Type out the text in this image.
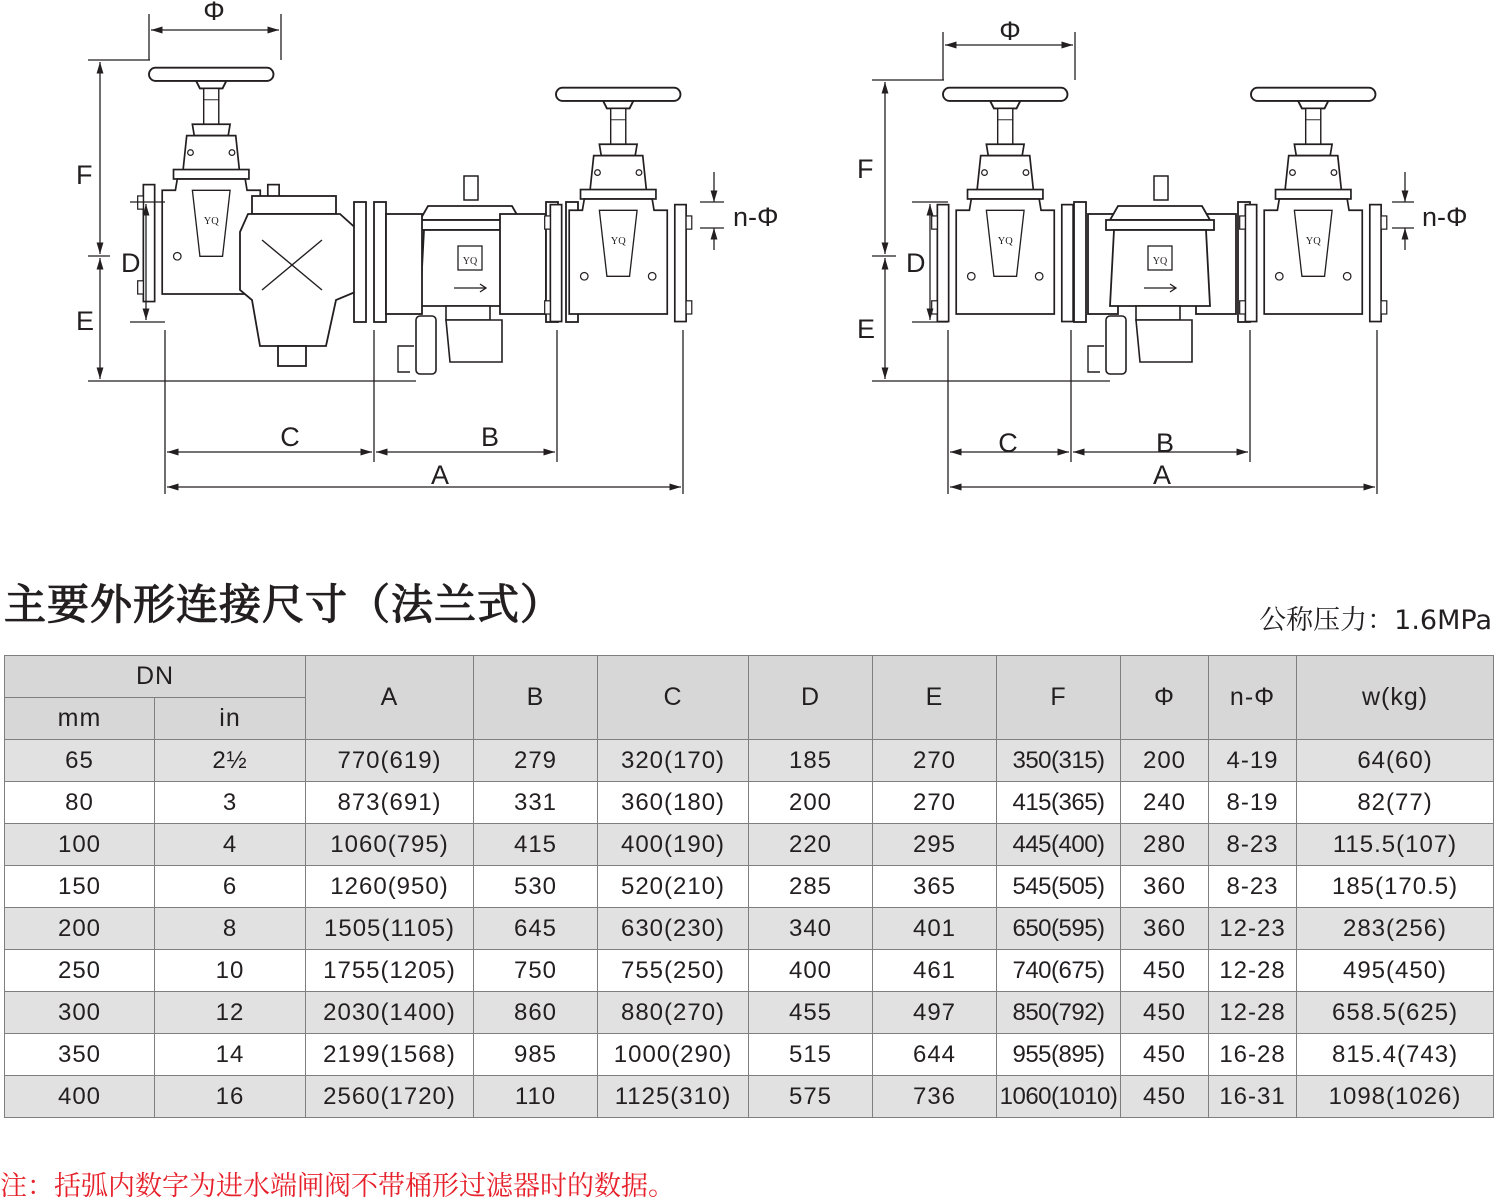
YQ
YQ
Φ
F
D
E
C	B
A
n-Φ
Φ
F
D
E
C	B
A
n-Φ
主要外形连接尺寸（法兰式）	公称压力：1.6MPa
DN		A	B	C	D	E	F	Φ	n-Φ	w(kg)
mm	in									
65	2½	770(619)	279	320(170)	185	270	350(315)	200	4-19	64(60)
80	3	873(691)	331	360(180)	200	270	415(365)	240	8-19	82(77)
100	4	1060(795)	415	400(190)	220	295	445(400)	280	8-23	115.5(107)
150	6	1260(950)	530	520(210)	285	365	545(505)	360	8-23	185(170.5)
200	8	1505(1105)	645	630(230)	340	401	650(595)	360	12-23	283(256)
250	10	1755(1205)	750	755(250)	400	461	740(675)	450	12-28	495(450)
300	12	2030(1400)	860	880(270)	455	497	850(792)	450	12-28	658.5(625)
350	14	2199(1568)	985	1000(290)	515	644	955(895)	450	16-28	815.4(743)
400	16	2560(1720)	110	1125(310)	575	736	1060(1010)	450	16-31	1098(1026)
注：括弧内数字为进水端闸阀不带桶形过滤器时的数据。
